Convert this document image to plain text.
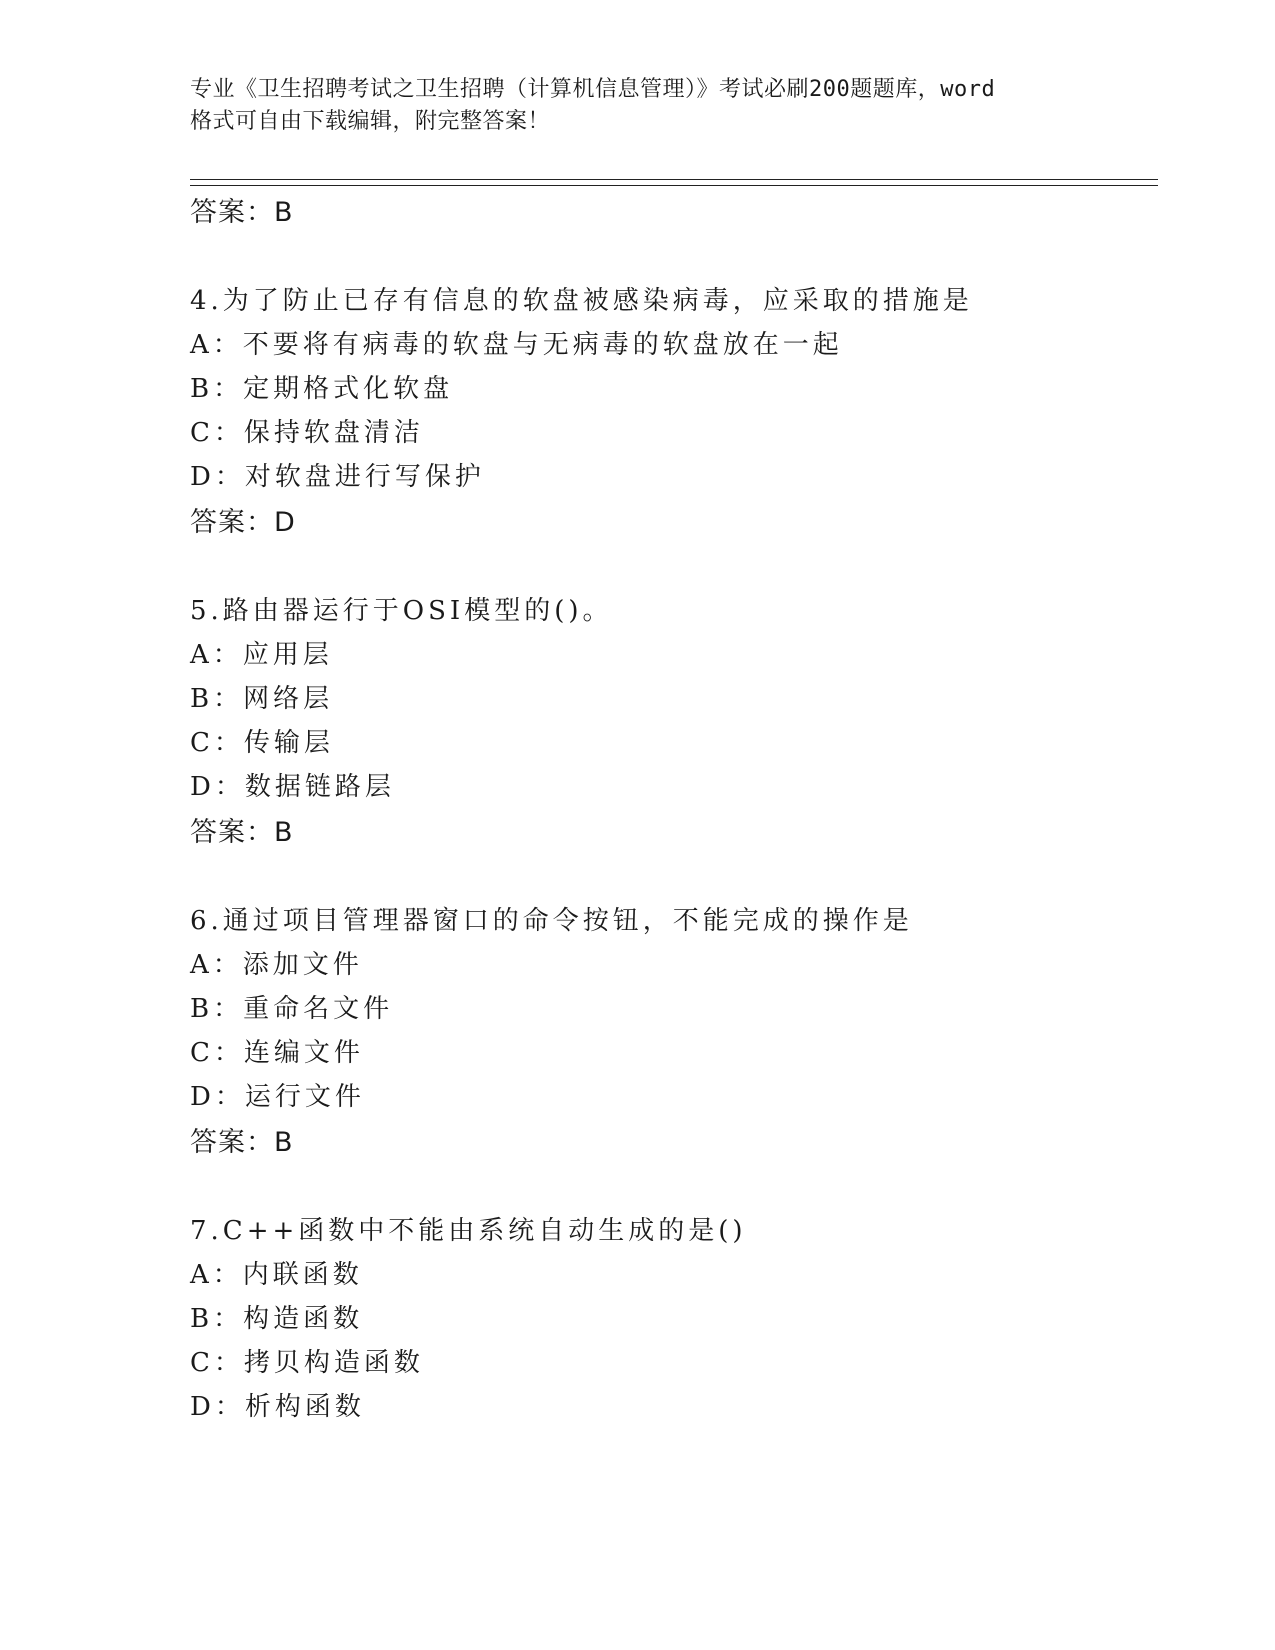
专业《卫生招聘考试之卫生招聘（计算机信息管理）》考试必刷200题题库，word
格式可自由下载编辑，附完整答案！
答案：B
4.为了防止已存有信息的软盘被感染病毒，应采取的措施是
A：不要将有病毒的软盘与无病毒的软盘放在一起
B：定期格式化软盘
C：保持软盘清洁
D：对软盘进行写保护
答案：D
5.路由器运行于OSI模型的()。
A：应用层
B：网络层
C：传输层
D：数据链路层
答案：B
6.通过项目管理器窗口的命令按钮，不能完成的操作是
A：添加文件
B：重命名文件
C：连编文件
D：运行文件
答案：B
7.C++函数中不能由系统自动生成的是()
A：内联函数
B：构造函数
C：拷贝构造函数
D：析构函数
